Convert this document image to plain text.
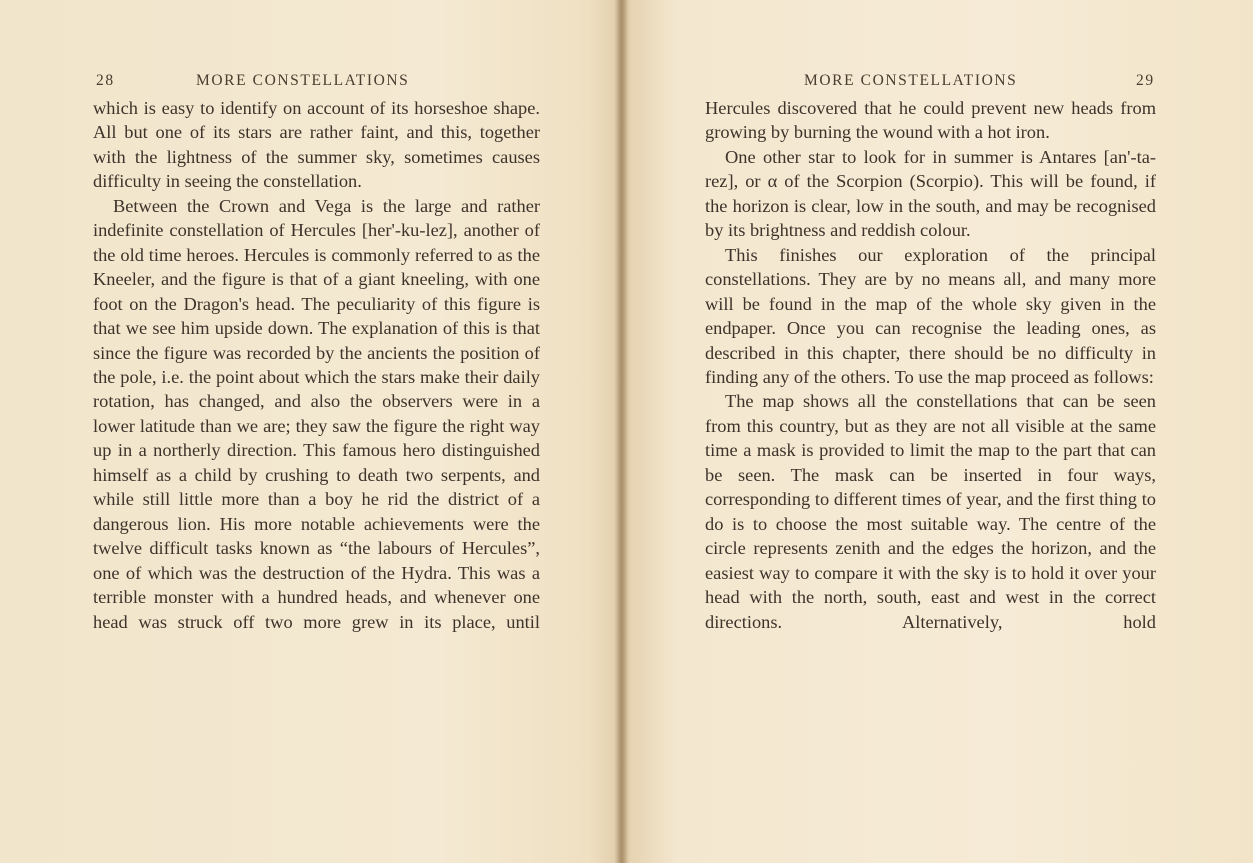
28	MORE CONSTELLATIONS

which is easy to identify on account of its horseshoe shape. All but one of its stars are rather faint, and this, together with the lightness of the summer sky, sometimes causes difficulty in seeing the constellation.

Between the Crown and Vega is the large and rather indefinite constellation of Hercules [her'-ku-lez], another of the old time heroes. Hercules is commonly referred to as the Kneeler, and the figure is that of a giant kneeling, with one foot on the Dragon's head. The peculiarity of this figure is that we see him upside down. The explanation of this is that since the figure was recorded by the ancients the position of the pole, i.e. the point about which the stars make their daily rotation, has changed, and also the observers were in a lower latitude than we are; they saw the figure the right way up in a northerly direction. This famous hero distinguished himself as a child by crushing to death two serpents, and while still little more than a boy he rid the district of a dangerous lion. His more notable achievements were the twelve difficult tasks known as “the labours of Hercules”, one of which was the destruction of the Hydra. This was a terrible monster with a hundred heads, and whenever one head was struck off two more grew in its place, until

MORE CONSTELLATIONS	29

Hercules discovered that he could prevent new heads from growing by burning the wound with a hot iron.

One other star to look for in summer is Antares [an'-ta-rez], or α of the Scorpion (Scorpio). This will be found, if the horizon is clear, low in the south, and may be recognised by its brightness and reddish colour.

This finishes our exploration of the principal constellations. They are by no means all, and many more will be found in the map of the whole sky given in the endpaper. Once you can recognise the leading ones, as described in this chapter, there should be no difficulty in finding any of the others. To use the map proceed as follows:

The map shows all the constellations that can be seen from this country, but as they are not all visible at the same time a mask is provided to limit the map to the part that can be seen. The mask can be inserted in four ways, corresponding to different times of year, and the first thing to do is to choose the most suitable way. The centre of the circle represents zenith and the edges the horizon, and the easiest way to compare it with the sky is to hold it over your head with the north, south, east and west in the correct directions. Alternatively, hold
